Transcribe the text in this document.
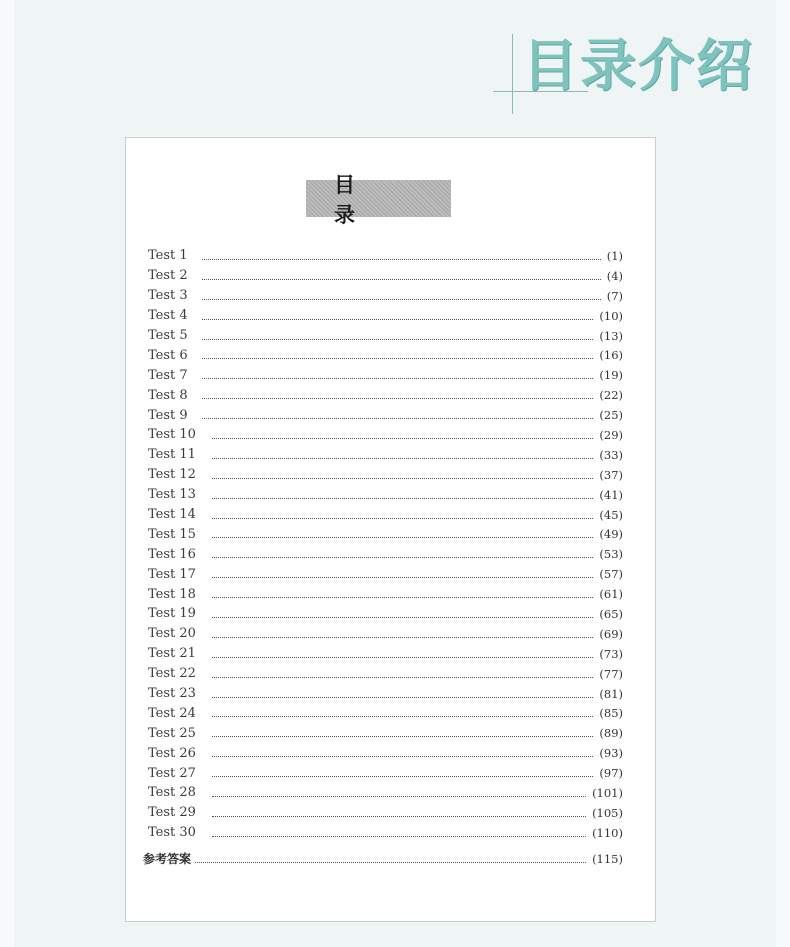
目录介绍
目 录
Test 1	(1)
Test 2	(4)
Test 3	(7)
Test 4	(10)
Test 5	(13)
Test 6	(16)
Test 7	(19)
Test 8	(22)
Test 9	(25)
Test 10	(29)
Test 11	(33)
Test 12	(37)
Test 13	(41)
Test 14	(45)
Test 15	(49)
Test 16	(53)
Test 17	(57)
Test 18	(61)
Test 19	(65)
Test 20	(69)
Test 21	(73)
Test 22	(77)
Test 23	(81)
Test 24	(85)
Test 25	(89)
Test 26	(93)
Test 27	(97)
Test 28	(101)
Test 29	(105)
Test 30	(110)
参考答案	(115)
